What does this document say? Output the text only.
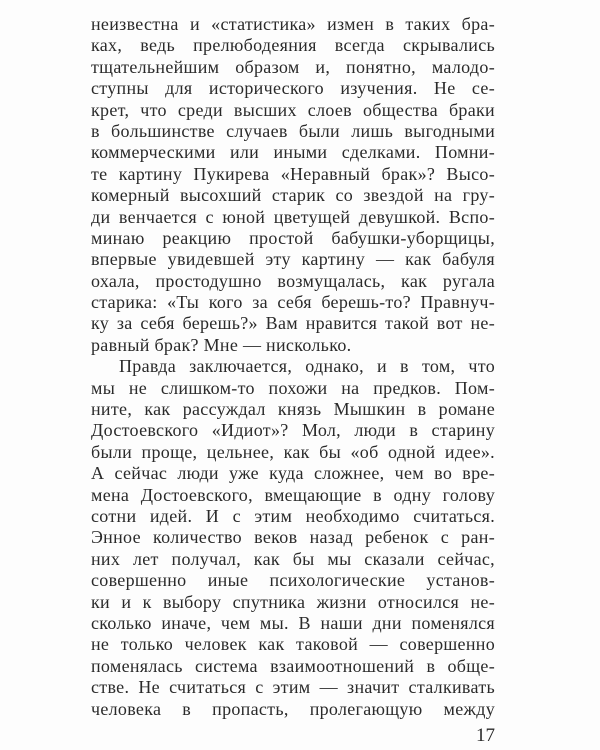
неизвестна и «статистика» измен в таких бра-
ках, ведь прелюбодеяния всегда скрывались
тщательнейшим образом и, понятно, малодо-
ступны для исторического изучения. Не се-
крет, что среди высших слоев общества браки
в большинстве случаев были лишь выгодными
коммерческими или иными сделками. Помни-
те картину Пукирева «Неравный брак»? Высо-
комерный высохший старик со звездой на гру-
ди венчается с юной цветущей девушкой. Вспо-
минаю реакцию простой бабушки-уборщицы,
впервые увидевшей эту картину — как бабуля
охала, простодушно возмущалась, как ругала
старика: «Ты кого за себя берешь-то? Правнуч-
ку за себя берешь?» Вам нравится такой вот не-
равный брак? Мне — нисколько.
Правда заключается, однако, и в том, что
мы не слишком-то похожи на предков. Пом-
ните, как рассуждал князь Мышкин в романе
Достоевского «Идиот»? Мол, люди в старину
были проще, цельнее, как бы «об одной идее».
А сейчас люди уже куда сложнее, чем во вре-
мена Достоевского, вмещающие в одну голову
сотни идей. И с этим необходимо считаться.
Энное количество веков назад ребенок с ран-
них лет получал, как бы мы сказали сейчас,
совершенно иные психологические установ-
ки и к выбору спутника жизни относился не-
сколько иначе, чем мы. В наши дни поменялся
не только человек как таковой — совершенно
поменялась система взаимоотношений в обще-
стве. Не считаться с этим — значит сталкивать
человека в пропасть, пролегающую между
17
